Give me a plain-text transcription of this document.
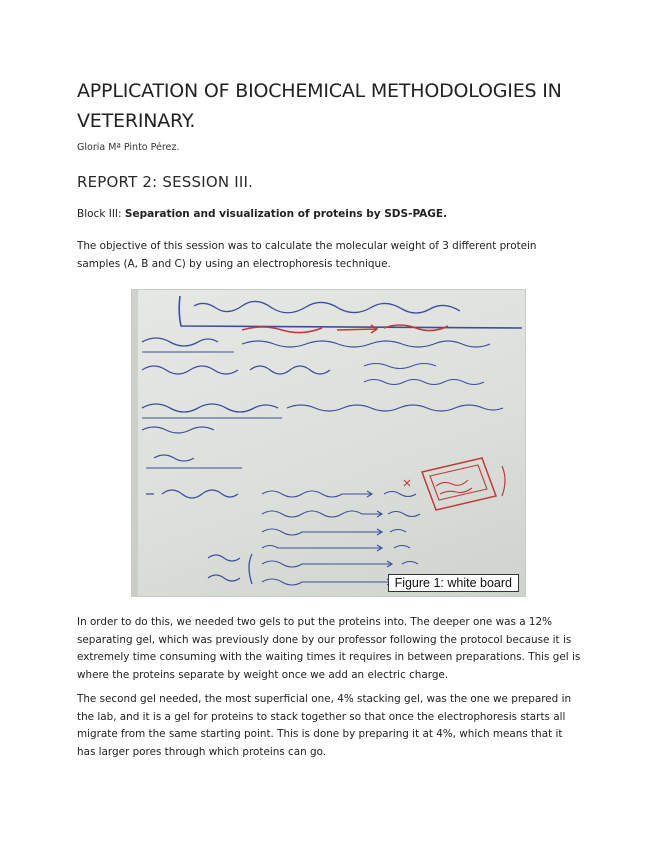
APPLICATION OF BIOCHEMICAL METHODOLOGIES IN VETERINARY.

Gloria Mª Pinto Pérez.

REPORT 2: SESSION III.

Block III: Separation and visualization of proteins by SDS-PAGE.

The objective of this session was to calculate the molecular weight of 3 different protein samples (A, B and C) by using an electrophoresis technique.

In order to do this, we needed two gels to put the proteins into. The deeper one was a 12% separating gel, which was previously done by our professor following the protocol because it is extremely time consuming with the waiting times it requires in between preparations. This gel is where the proteins separate by weight once we add an electric charge.

The second gel needed, the most superficial one, 4% stacking gel, was the one we prepared in the lab, and it is a gel for proteins to stack together so that once the electrophoresis starts all migrate from the same starting point. This is done by preparing it at 4%, which means that it has larger pores through which proteins can go.

Figure 1: white board
